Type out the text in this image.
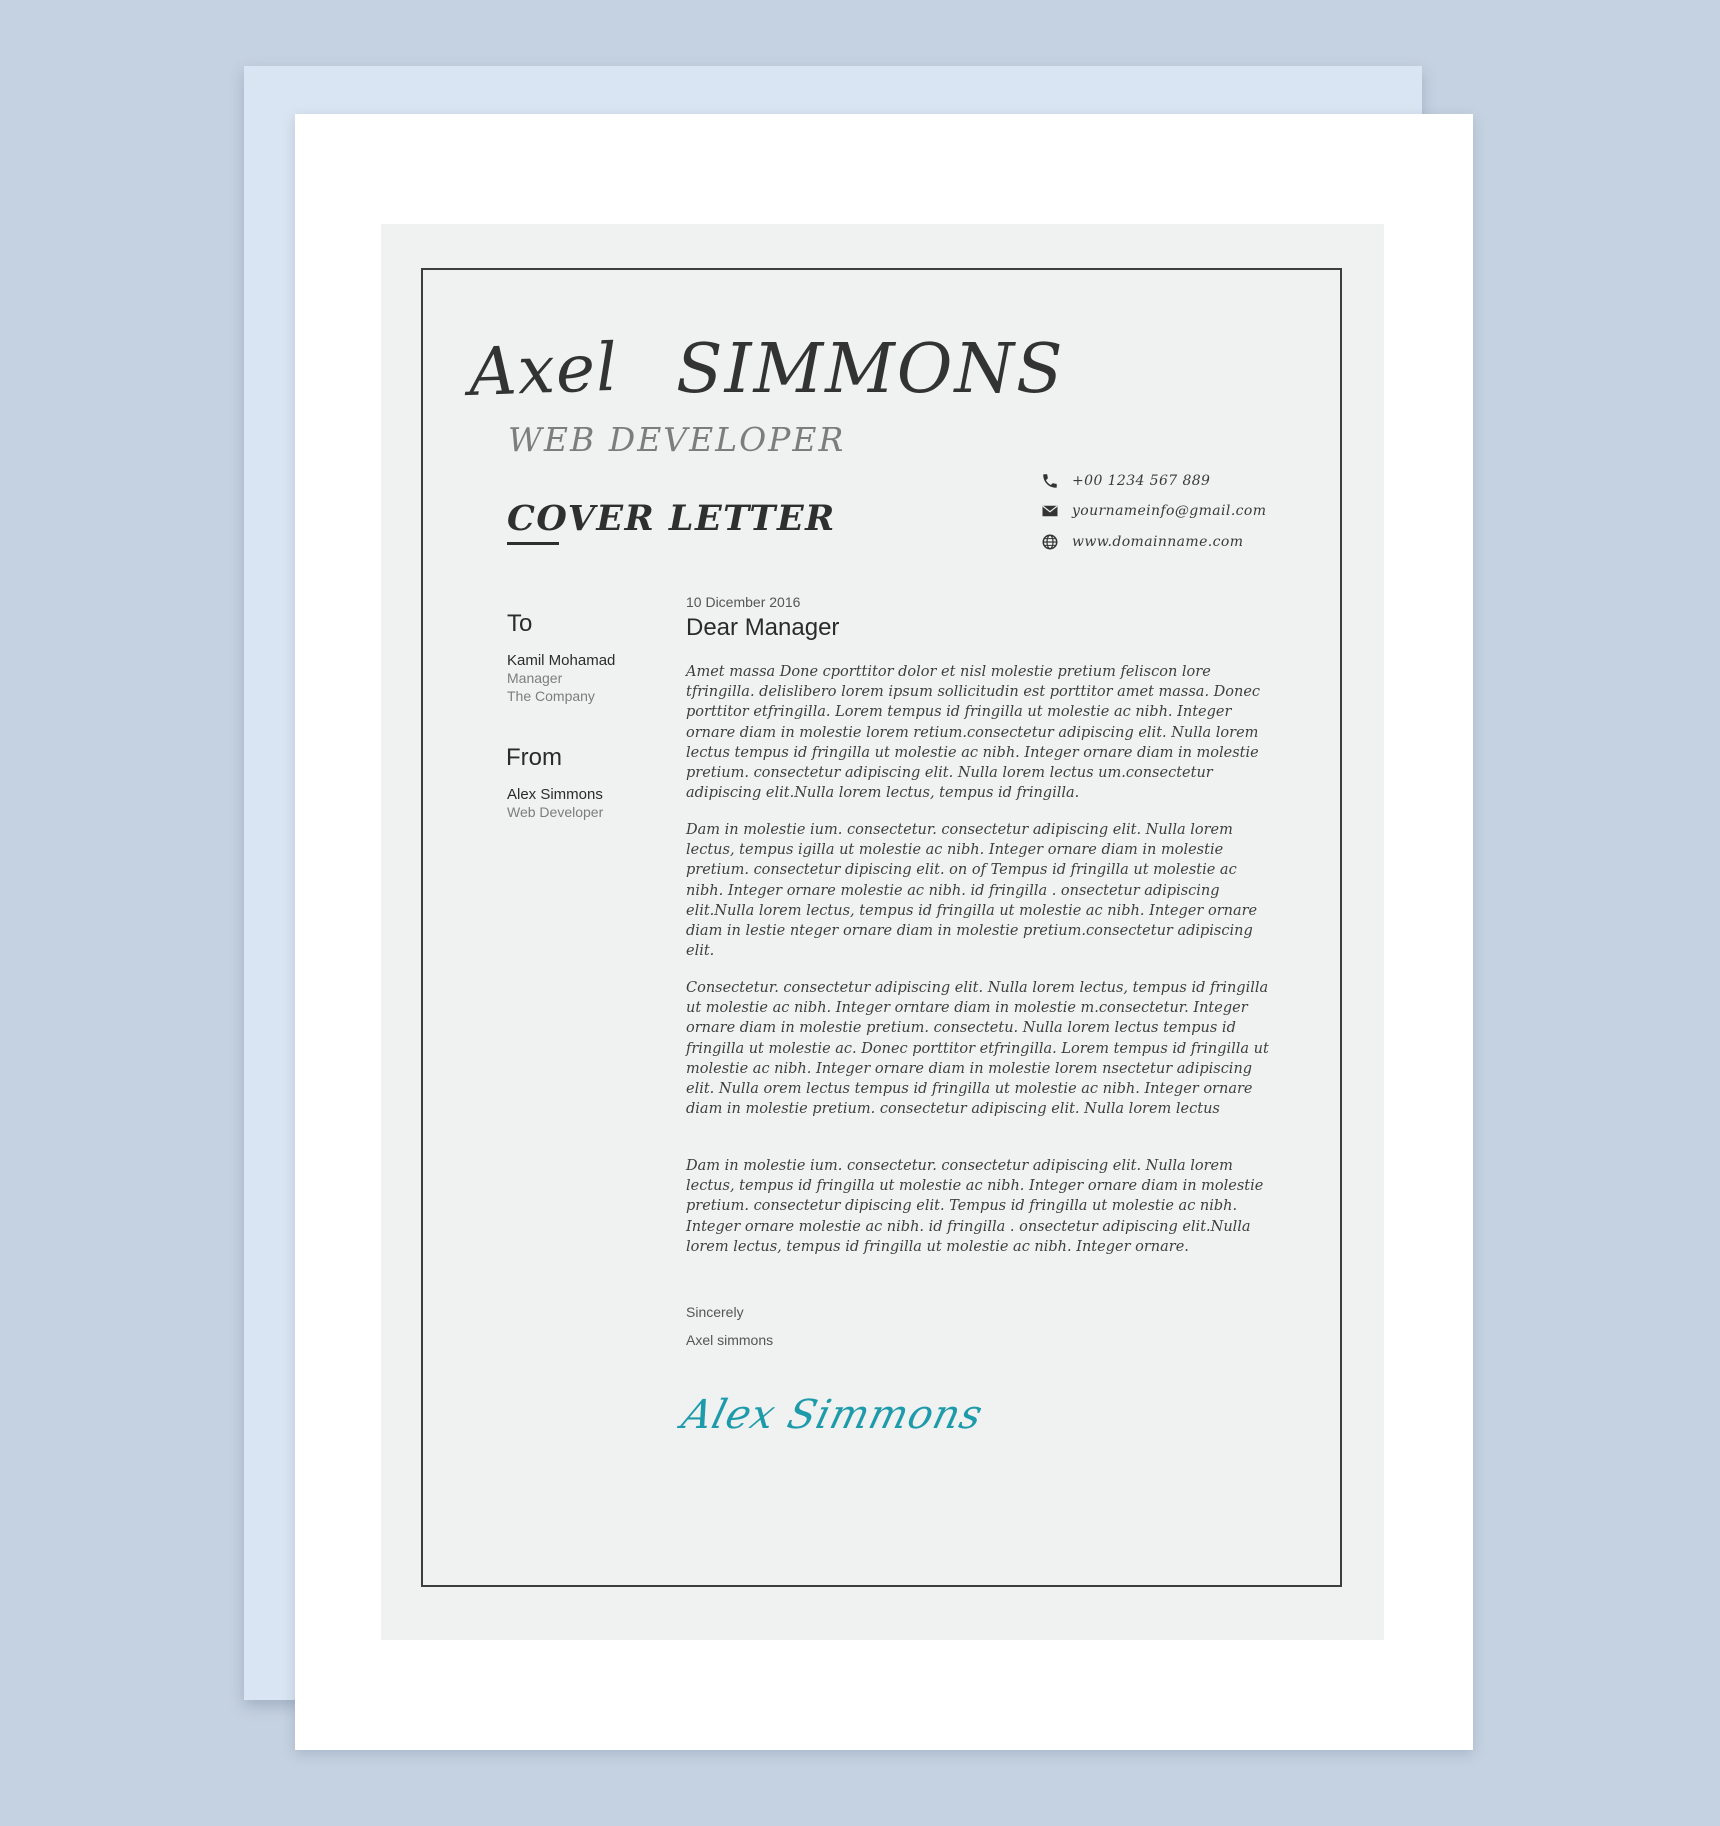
Axel SIMMONS
WEB DEVELOPER
+00 1234 567 889
yournameinfo@gmail.com
www.domainname.com
COVER LETTER
To
Kamil Mohamad
Manager
The Company
From
Alex Simmons
Web Developer
10 Dicember 2016
Dear Manager

Amet massa Done cporttitor dolor et nisl molestie pretium feliscon lore tfringilla. delislibero lorem ipsum sollicitudin est porttitor amet massa. Donec porttitor etfringilla. Lorem tempus id fringilla ut molestie ac nibh. Integer ornare diam in molestie lorem retium.consectetur adipiscing elit. Nulla lorem lectus tempus id fringilla ut molestie ac nibh. Integer ornare diam in molestie pretium. consectetur adipiscing elit. Nulla lorem lectus um.consectetur adipiscing elit.Nulla lorem lectus, tempus id fringilla.

Dam in molestie ium. consectetur. consectetur adipiscing elit. Nulla lorem lectus, tempus igilla ut molestie ac nibh. Integer ornare diam in molestie pretium. consectetur dipiscing elit. on of Tempus id fringilla ut molestie ac nibh. Integer ornare molestie ac nibh. id fringilla . onsectetur adipiscing elit.Nulla lorem lectus, tempus id fringilla ut molestie ac nibh. Integer ornare diam in lestie nteger ornare diam in molestie pretium.consectetur adipiscing elit.

Consectetur. consectetur adipiscing elit. Nulla lorem lectus, tempus id fringilla ut molestie ac nibh. Integer orntare diam in molestie m.consectetur. Integer ornare diam in molestie pretium. consectetu. Nulla lorem lectus tempus id fringilla ut molestie ac. Donec porttitor etfringilla. Lorem tempus id fringilla ut molestie ac nibh. Integer ornare diam in molestie lorem nsectetur adipiscing elit. Nulla orem lectus tempus id fringilla ut molestie ac nibh. Integer ornare diam in molestie pretium. consectetur adipiscing elit. Nulla lorem lectus

Dam in molestie ium. consectetur. consectetur adipiscing elit. Nulla lorem lectus, tempus id fringilla ut molestie ac nibh. Integer ornare diam in molestie pretium. consectetur dipiscing elit. Tempus id fringilla ut molestie ac nibh. Integer ornare molestie ac nibh. id fringilla . onsectetur adipiscing elit.Nulla lorem lectus, tempus id fringilla ut molestie ac nibh. Integer ornare.

Sincerely
Axel simmons
Alex Simmons
